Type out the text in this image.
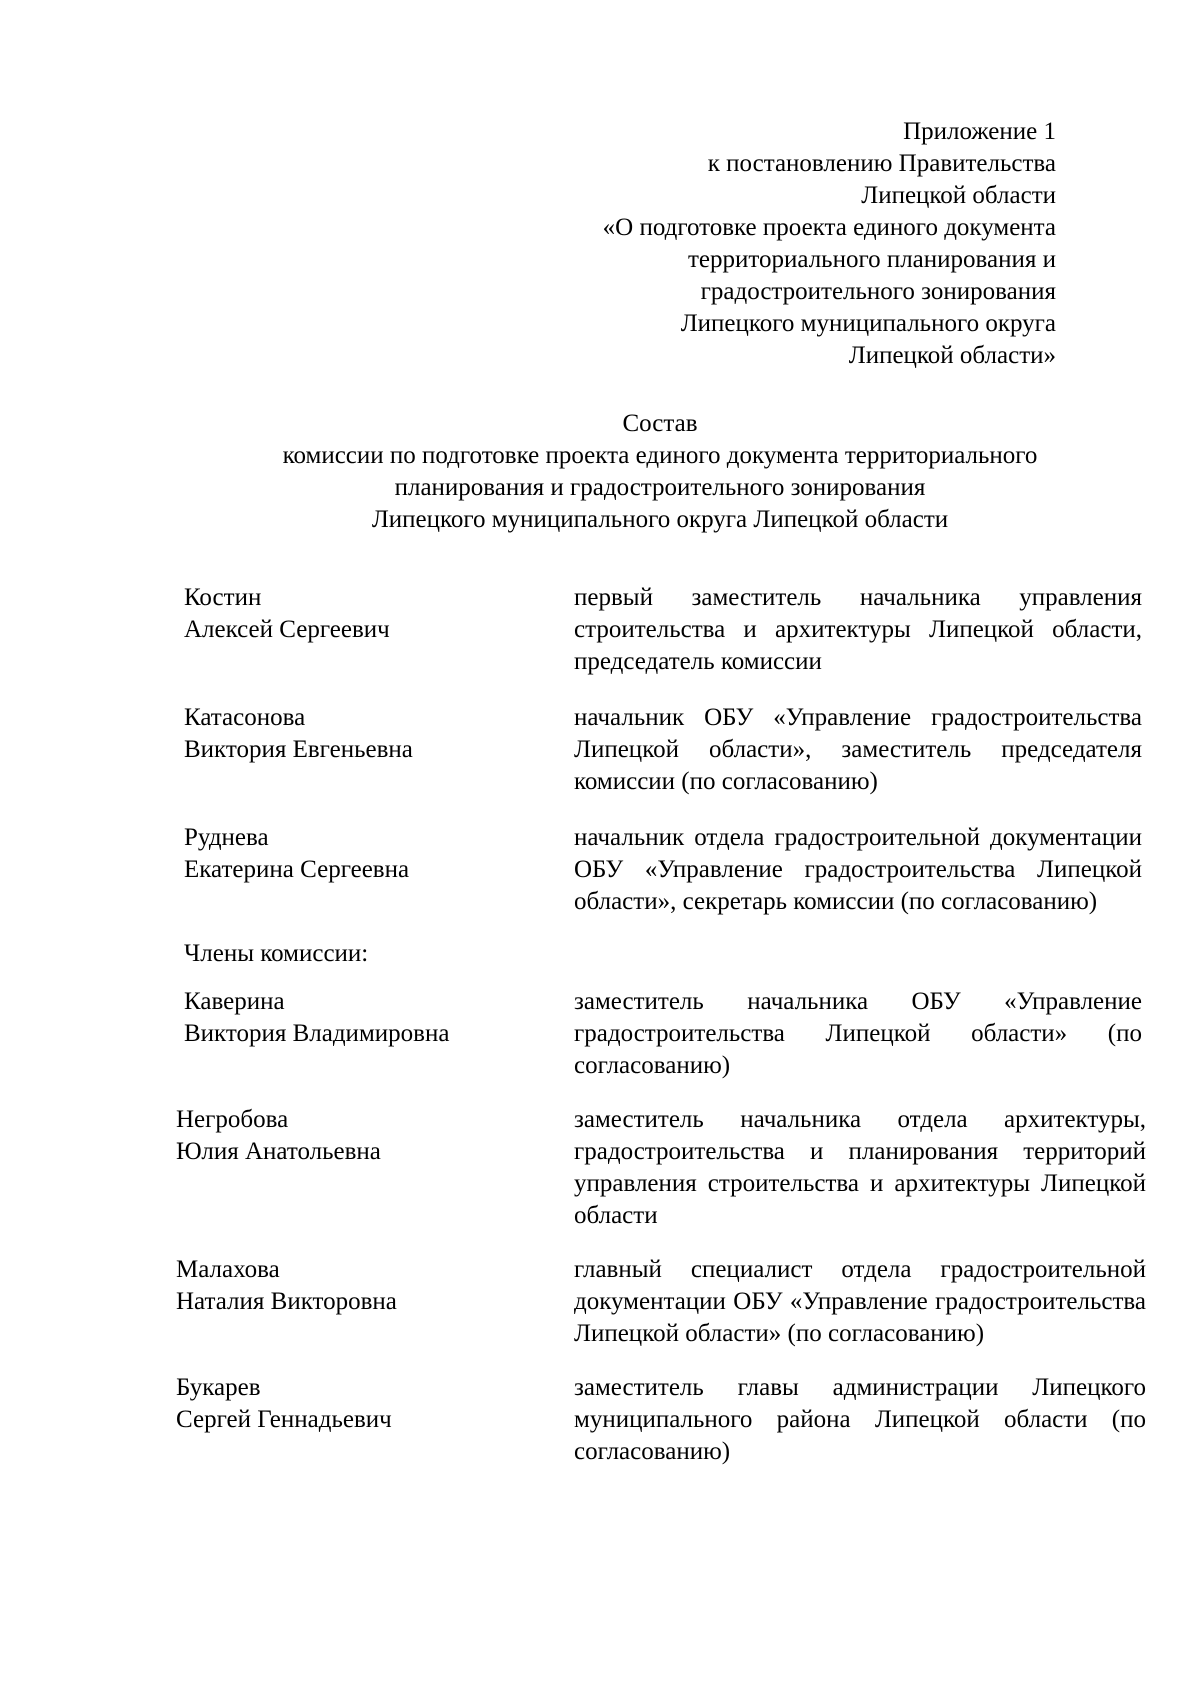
Приложение 1
к постановлению Правительства
Липецкой области
«О подготовке проекта единого документа
территориального планирования и
градостроительного зонирования
Липецкого муниципального округа
Липецкой области»
Состав
комиссии по подготовке проекта единого документа территориального
планирования и градостроительного зонирования
Липецкого муниципального округа Липецкой области
Костин
Алексей Сергеевич
первый заместитель начальника управления строительства и архитектуры Липецкой области, председатель комиссии
Катасонова
Виктория Евгеньевна
начальник ОБУ «Управление градостроительства Липецкой области», заместитель председателя комиссии (по согласованию)
Руднева
Екатерина Сергеевна
начальник отдела градостроительной документации ОБУ «Управление градостроительства Липецкой области», секретарь комиссии (по согласованию)
Члены комиссии:
Каверина
Виктория Владимировна
заместитель начальника ОБУ «Управление градостроительства Липецкой области» (по согласованию)
Негробова
Юлия Анатольевна
заместитель начальника отдела архитектуры, градостроительства и планирования территорий управления строительства и архитектуры Липецкой области
Малахова
Наталия Викторовна
главный специалист отдела градостроительной документации ОБУ «Управление градостроительства Липецкой области» (по согласованию)
Букарев
Сергей Геннадьевич
заместитель главы администрации Липецкого муниципального района Липецкой области (по согласованию)
